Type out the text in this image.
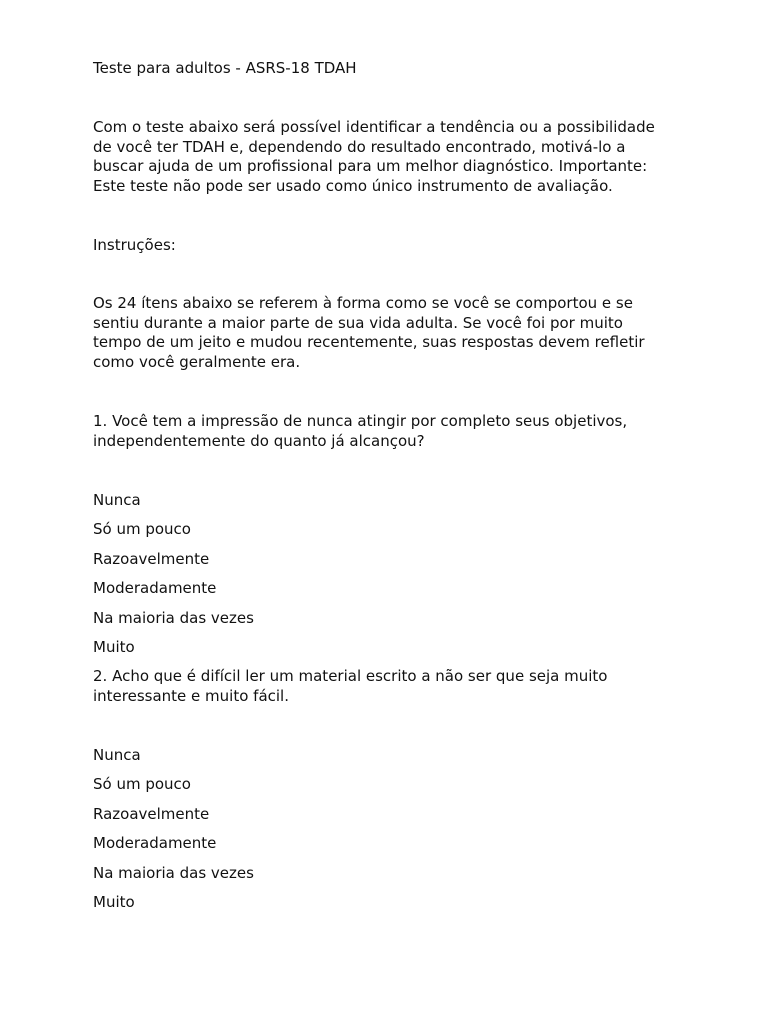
Teste para adultos - ASRS-18 TDAH
Com o teste abaixo será possível identificar a tendência ou a possibilidade
de você ter TDAH e, dependendo do resultado encontrado, motivá-lo a
buscar ajuda de um profissional para um melhor diagnóstico. Importante:
Este teste não pode ser usado como único instrumento de avaliação.
Instruções:
Os 24 ítens abaixo se referem à forma como se você se comportou e se
sentiu durante a maior parte de sua vida adulta. Se você foi por muito
tempo de um jeito e mudou recentemente, suas respostas devem refletir
como você geralmente era.
1. Você tem a impressão de nunca atingir por completo seus objetivos,
independentemente do quanto já alcançou?
Nunca
Só um pouco
Razoavelmente
Moderadamente
Na maioria das vezes
Muito
2. Acho que é difícil ler um material escrito a não ser que seja muito
interessante e muito fácil.
Nunca
Só um pouco
Razoavelmente
Moderadamente
Na maioria das vezes
Muito
